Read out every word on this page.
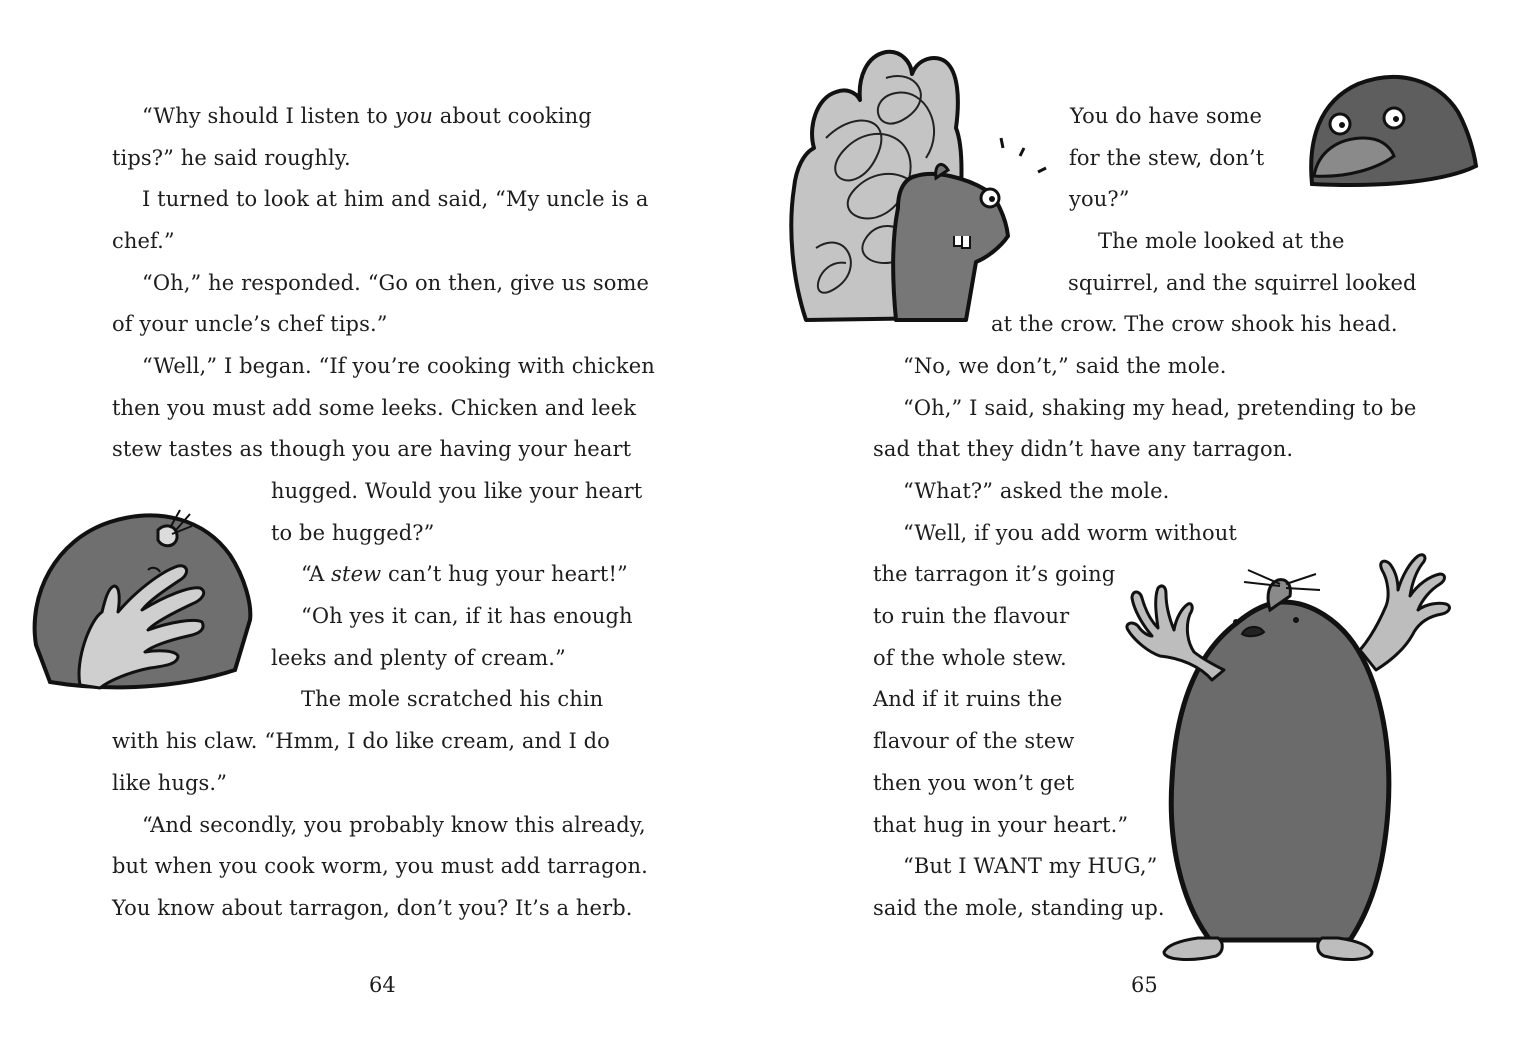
“Why should I listen to you about cooking

tips?” he said roughly.

I turned to look at him and said, “My uncle is a

chef.”

“Oh,” he responded. “Go on then, give us some

of your uncle’s chef tips.”

“Well,” I began. “If you’re cooking with chicken

then you must add some leeks. Chicken and leek

stew tastes as though you are having your heart

hugged. Would you like your heart

to be hugged?”

“A stew can’t hug your heart!”

“Oh yes it can, if it has enough

leeks and plenty of cream.”

The mole scratched his chin

with his claw. “Hmm, I do like cream, and I do

like hugs.”

“And secondly, you probably know this already,

but when you cook worm, you must add tarragon.

You know about tarragon, don’t you? It’s a herb.

64

You do have some

for the stew, don’t

you?”

The mole looked at the

squirrel, and the squirrel looked

at the crow. The crow shook his head.

“No, we don’t,” said the mole.

“Oh,” I said, shaking my head, pretending to be

sad that they didn’t have any tarragon.

“What?” asked the mole.

“Well, if you add worm without

the tarragon it’s going

to ruin the flavour

of the whole stew.

And if it ruins the

flavour of the stew

then you won’t get

that hug in your heart.”

“But I WANT my HUG,”

said the mole, standing up.

65
